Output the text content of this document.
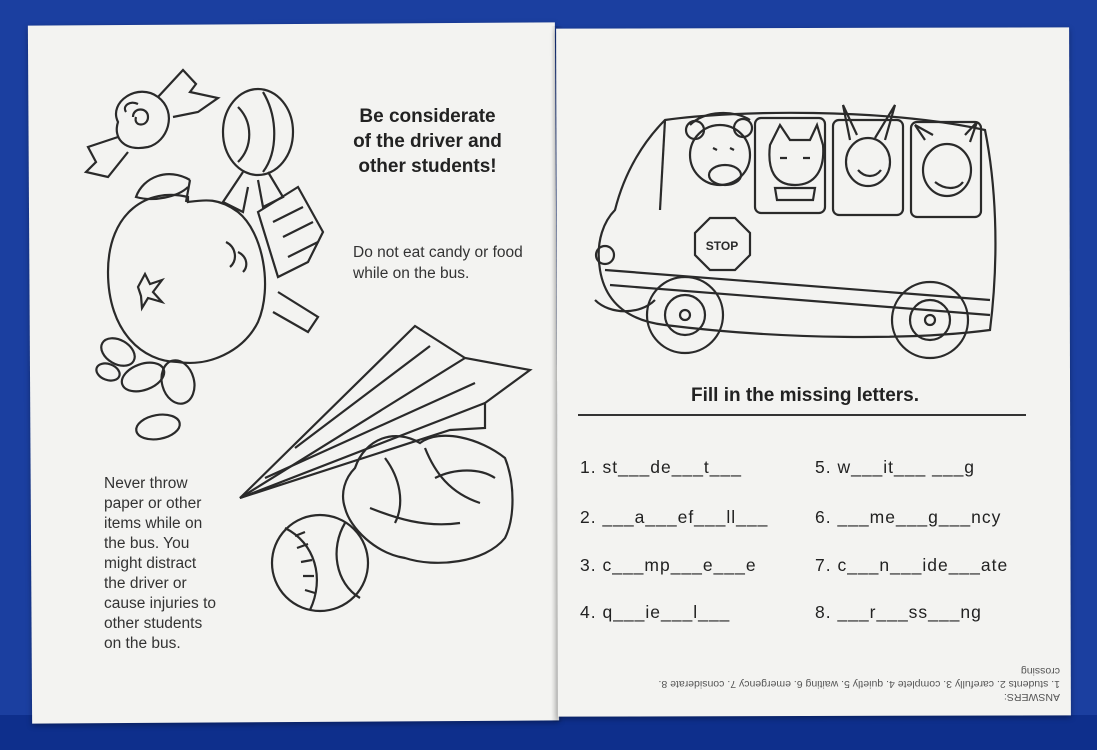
Be considerate
of the driver and
other students!
Do not eat candy or food while on the bus.
Never throw
paper or other
items while on
the bus. You
might distract
the driver or
cause injuries to
other students
on the bus.
STOP
Fill in the missing letters.
1. st___de___t___
2. ___a___ef___ll___
3. c___mp___e___e
4. q___ie___l___
5. w___it___ ___g
6. ___me___g___ncy
7. c___n___ide___ate
8. ___r___ss___ng
ANSWERS:
1. students 2. carefully 3. complete 4. quietly 5. waiting 6. emergency 7. considerate 8. crossing
